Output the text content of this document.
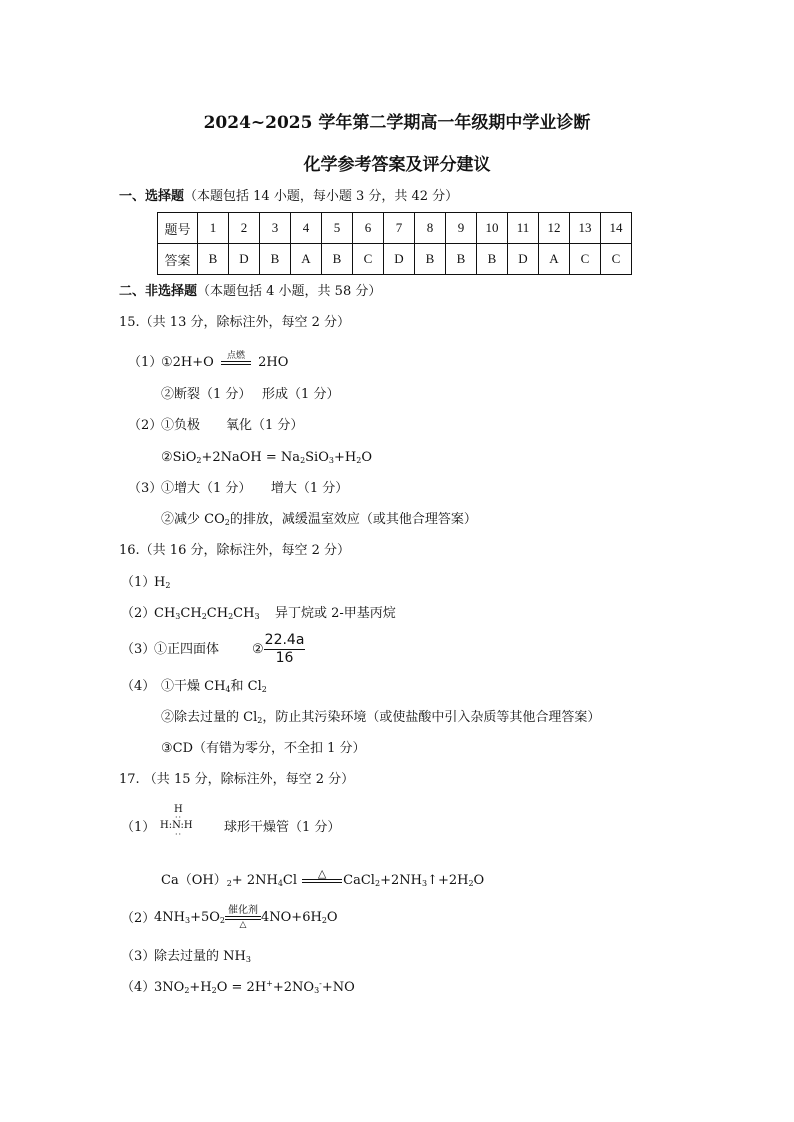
2024~2025 学年第二学期高一年级期中学业诊断
化学参考答案及评分建议
一、选择题（本题包括 14 小题，每小题 3 分，共 42 分）
题号	1	2	3	4	5	6	7	8	9	10	11	12	13	14
答案	B	D	B	A	B	C	D	B	B	B	D	A	C	C
二、非选择题（本题包括 4 小题，共 58 分）
15.（共 13 分，除标注外，每空 2 分）
（1）
①2H+O	点燃
	2HO
②断裂（1 分）　 形成（1 分）
（2）
①负极　　氧化（1 分）
②SiO$_2$+2NaOH = $Na_2SiO_3+H_2O$
（3）
①增大（1 分）　　增大（1 分）
②减少 $CO_2$的排放，减缓温室效应（或其他合理答案）
16.（共 16 分，除标注外，每空 2 分）
（1）
$H_2$
（2）
$CH_3CH_2CH_2CH_3$ 异丁烷或 2-甲基丙烷
（3）
①正四面体	② $\frac{22.4a}{16}$
（4） ①干燥 $CH_4$和 $Cl_2$
②除去过量的 $Cl_2$，防止其污染环境（或使盐酸中引入杂质等其他合理答案）
③CD（有错为零分，不全扣 1 分）
17. （共 15 分，除标注外，每空 2 分）
（1）
H
··
H:N:H
··	球形干燥管（1 分）
$Ca(OH)_2+ 2NH_4Cl$	△
	$CaCl_2+2NH_3↑+2H_2O$
（2）
$4NH_3+5O_2$
催化剂
△	$4NO+6H_2O$
（3）
除去过量的 $NH_3$
（4）
$3NO_2+H_2O = 2H^++2NO_3^-+NO$
